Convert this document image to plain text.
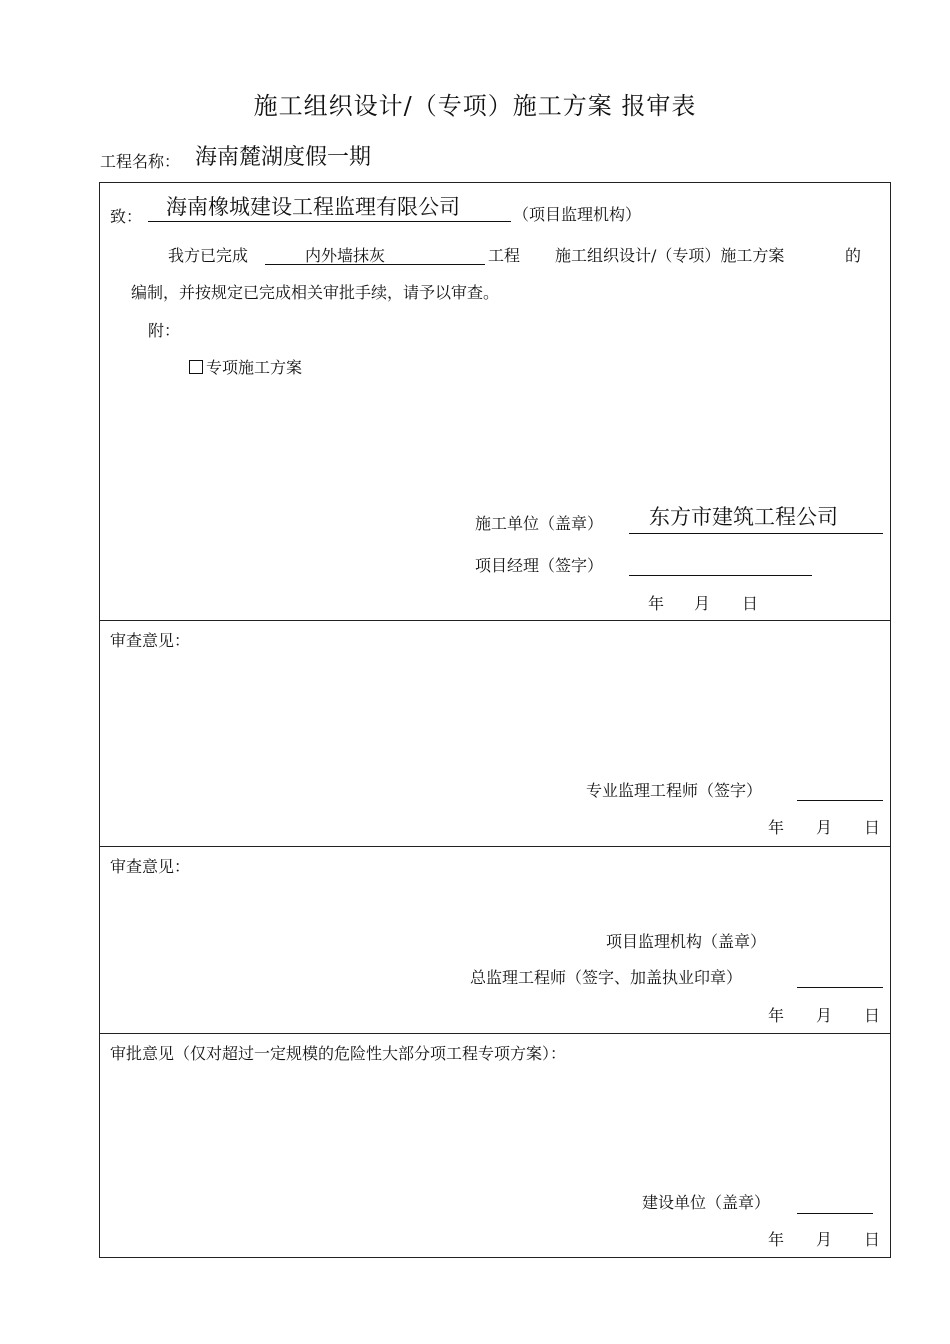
施工组织设计/（专项）施工方案 报审表
工程名称： 海南麓湖度假一期
致： 海南橡城建设工程监理有限公司	（项目监理机构）
我方已完成	内外墙抹灰	工程 施工组织设计/（专项）施工方案	的
编制，并按规定已完成相关审批手续，请予以审查。
附：
专项施工方案
施工单位（盖章） 东方市建筑工程公司
项目经理（签字）
年 月 日
审查意见：
专业监理工程师（签字）
年 月 日
审查意见：
项目监理机构（盖章）
总监理工程师（签字、加盖执业印章）
年 月 日
审批意见（仅对超过一定规模的危险性大部分项工程专项方案）：
建设单位（盖章）
年 月 日
